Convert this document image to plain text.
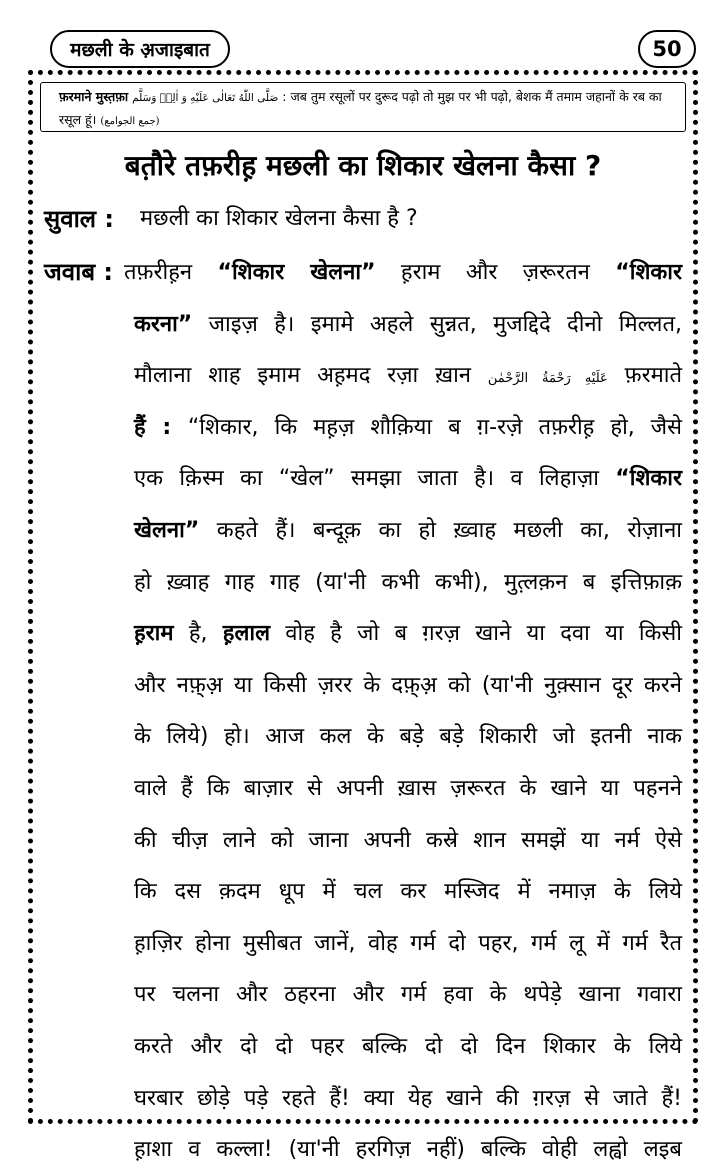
मछली के अ़जाइबात	50
फ़रमाने मुस्त़फ़ा صَلَّى اللّٰهُ تَعَالٰى عَلَيْهِ وَ اٰلِهٖ وَسَلَّم : जब तुम रसूलों पर दुरूद पढ़ो तो मुझ पर भी पढ़ो, बेशक मैं तमाम जहानों के रब का रसूल हूं। (جمع الجوامع)
बत़ौरे तफ़रीह़ मछली का शिकार खेलना कैसा ?
सुवाल : मछली का शिकार खेलना कैसा है ?
जवाब : तफ़रीह़न “शिकार खेलना” ह़राम और ज़रूरतन “शिकार
करना” जाइज़ है। इमामे अहले सुन्नत, मुजद्दिदे दीनो मिल्लत,
मौलाना शाह इमाम अह़मद रज़ा ख़ान عَلَيْهِ رَحْمَةُ الرَّحْمٰن फ़रमाते
हैं : “शिकार, कि मह़ज़ शौक़िया ब ग़-रज़े तफ़रीह़ हो, जैसे
एक क़िस्म का “खेल” समझा जाता है। व लिहाज़ा “शिकार
खेलना” कहते हैं। बन्दूक़ का हो ख़्वाह मछली का, रोज़ाना
हो ख़्वाह गाह गाह (या'नी कभी कभी), मुत़्लक़न ब इत्तिफ़ाक़
ह़राम है, ह़लाल वोह है जो ब ग़रज़ खाने या दवा या किसी
और नफ़्अ़ या किसी ज़रर के दफ़्अ़ को (या'नी नुक़्सान दूर करने
के लिये) हो। आज कल के बड़े बड़े शिकारी जो इतनी नाक
वाले हैं कि बाज़ार से अपनी ख़ास ज़रूरत के खाने या पहनने
की चीज़ लाने को जाना अपनी कस्रे शान समझें या नर्म ऐसे
कि दस क़दम धूप में चल कर मस्जिद में नमाज़ के लिये
ह़ाज़िर होना मुसीबत जानें, वोह गर्म दो पहर, गर्म लू में गर्म रैत
पर चलना और ठहरना और गर्म हवा के थपेड़े खाना गवारा
करते और दो दो पहर बल्कि दो दो दिन शिकार के लिये
घरबार छोड़े पड़े रहते हैं! क्या येह खाने की ग़रज़ से जाते हैं!
ह़ाशा व कल्ला! (या'नी हरगिज़ नहीं) बल्कि वोही लह्वो लइब
